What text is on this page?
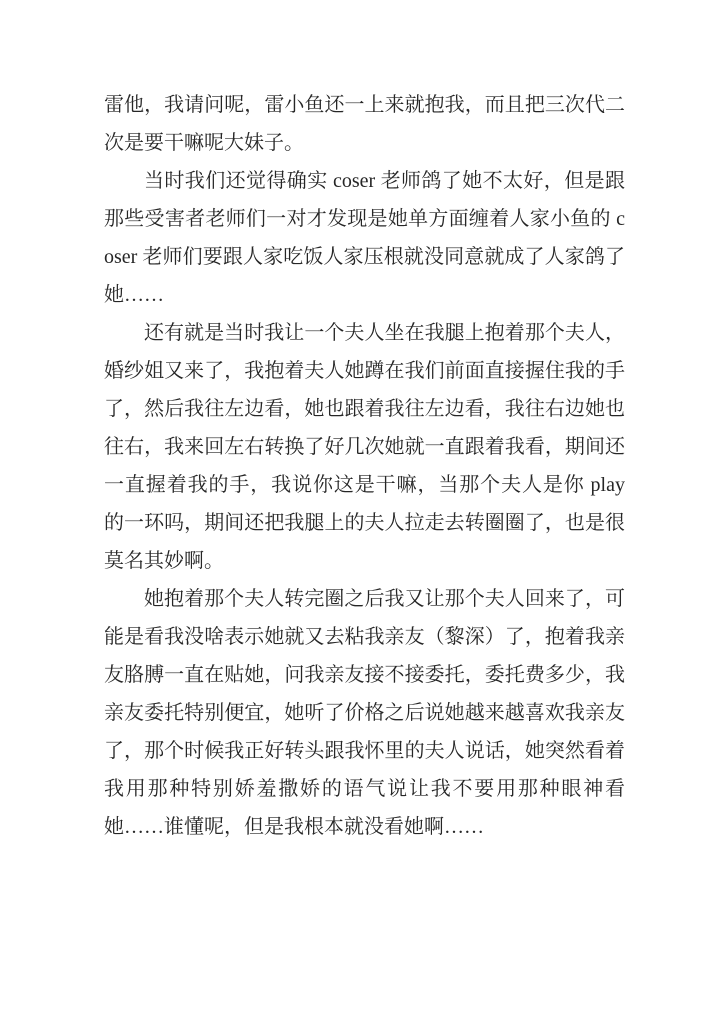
雷他，我请问呢，雷小鱼还一上来就抱我，而且把三次代二次是要干嘛呢大妹子。

当时我们还觉得确实 coser 老师鸽了她不太好，但是跟那些受害者老师们一对才发现是她单方面缠着人家小鱼的 coser 老师们要跟人家吃饭人家压根就没同意就成了人家鸽了她……

还有就是当时我让一个夫人坐在我腿上抱着那个夫人，婚纱姐又来了，我抱着夫人她蹲在我们前面直接握住我的手了，然后我往左边看，她也跟着我往左边看，我往右边她也往右，我来回左右转换了好几次她就一直跟着我看，期间还一直握着我的手，我说你这是干嘛，当那个夫人是你 play 的一环吗，期间还把我腿上的夫人拉走去转圈圈了，也是很莫名其妙啊。

她抱着那个夫人转完圈之后我又让那个夫人回来了，可能是看我没啥表示她就又去粘我亲友（黎深）了，抱着我亲友胳膊一直在贴她，问我亲友接不接委托，委托费多少，我亲友委托特别便宜，她听了价格之后说她越来越喜欢我亲友了，那个时候我正好转头跟我怀里的夫人说话，她突然看着我用那种特别娇羞撒娇的语气说让我不要用那种眼神看她……谁懂呢，但是我根本就没看她啊……
